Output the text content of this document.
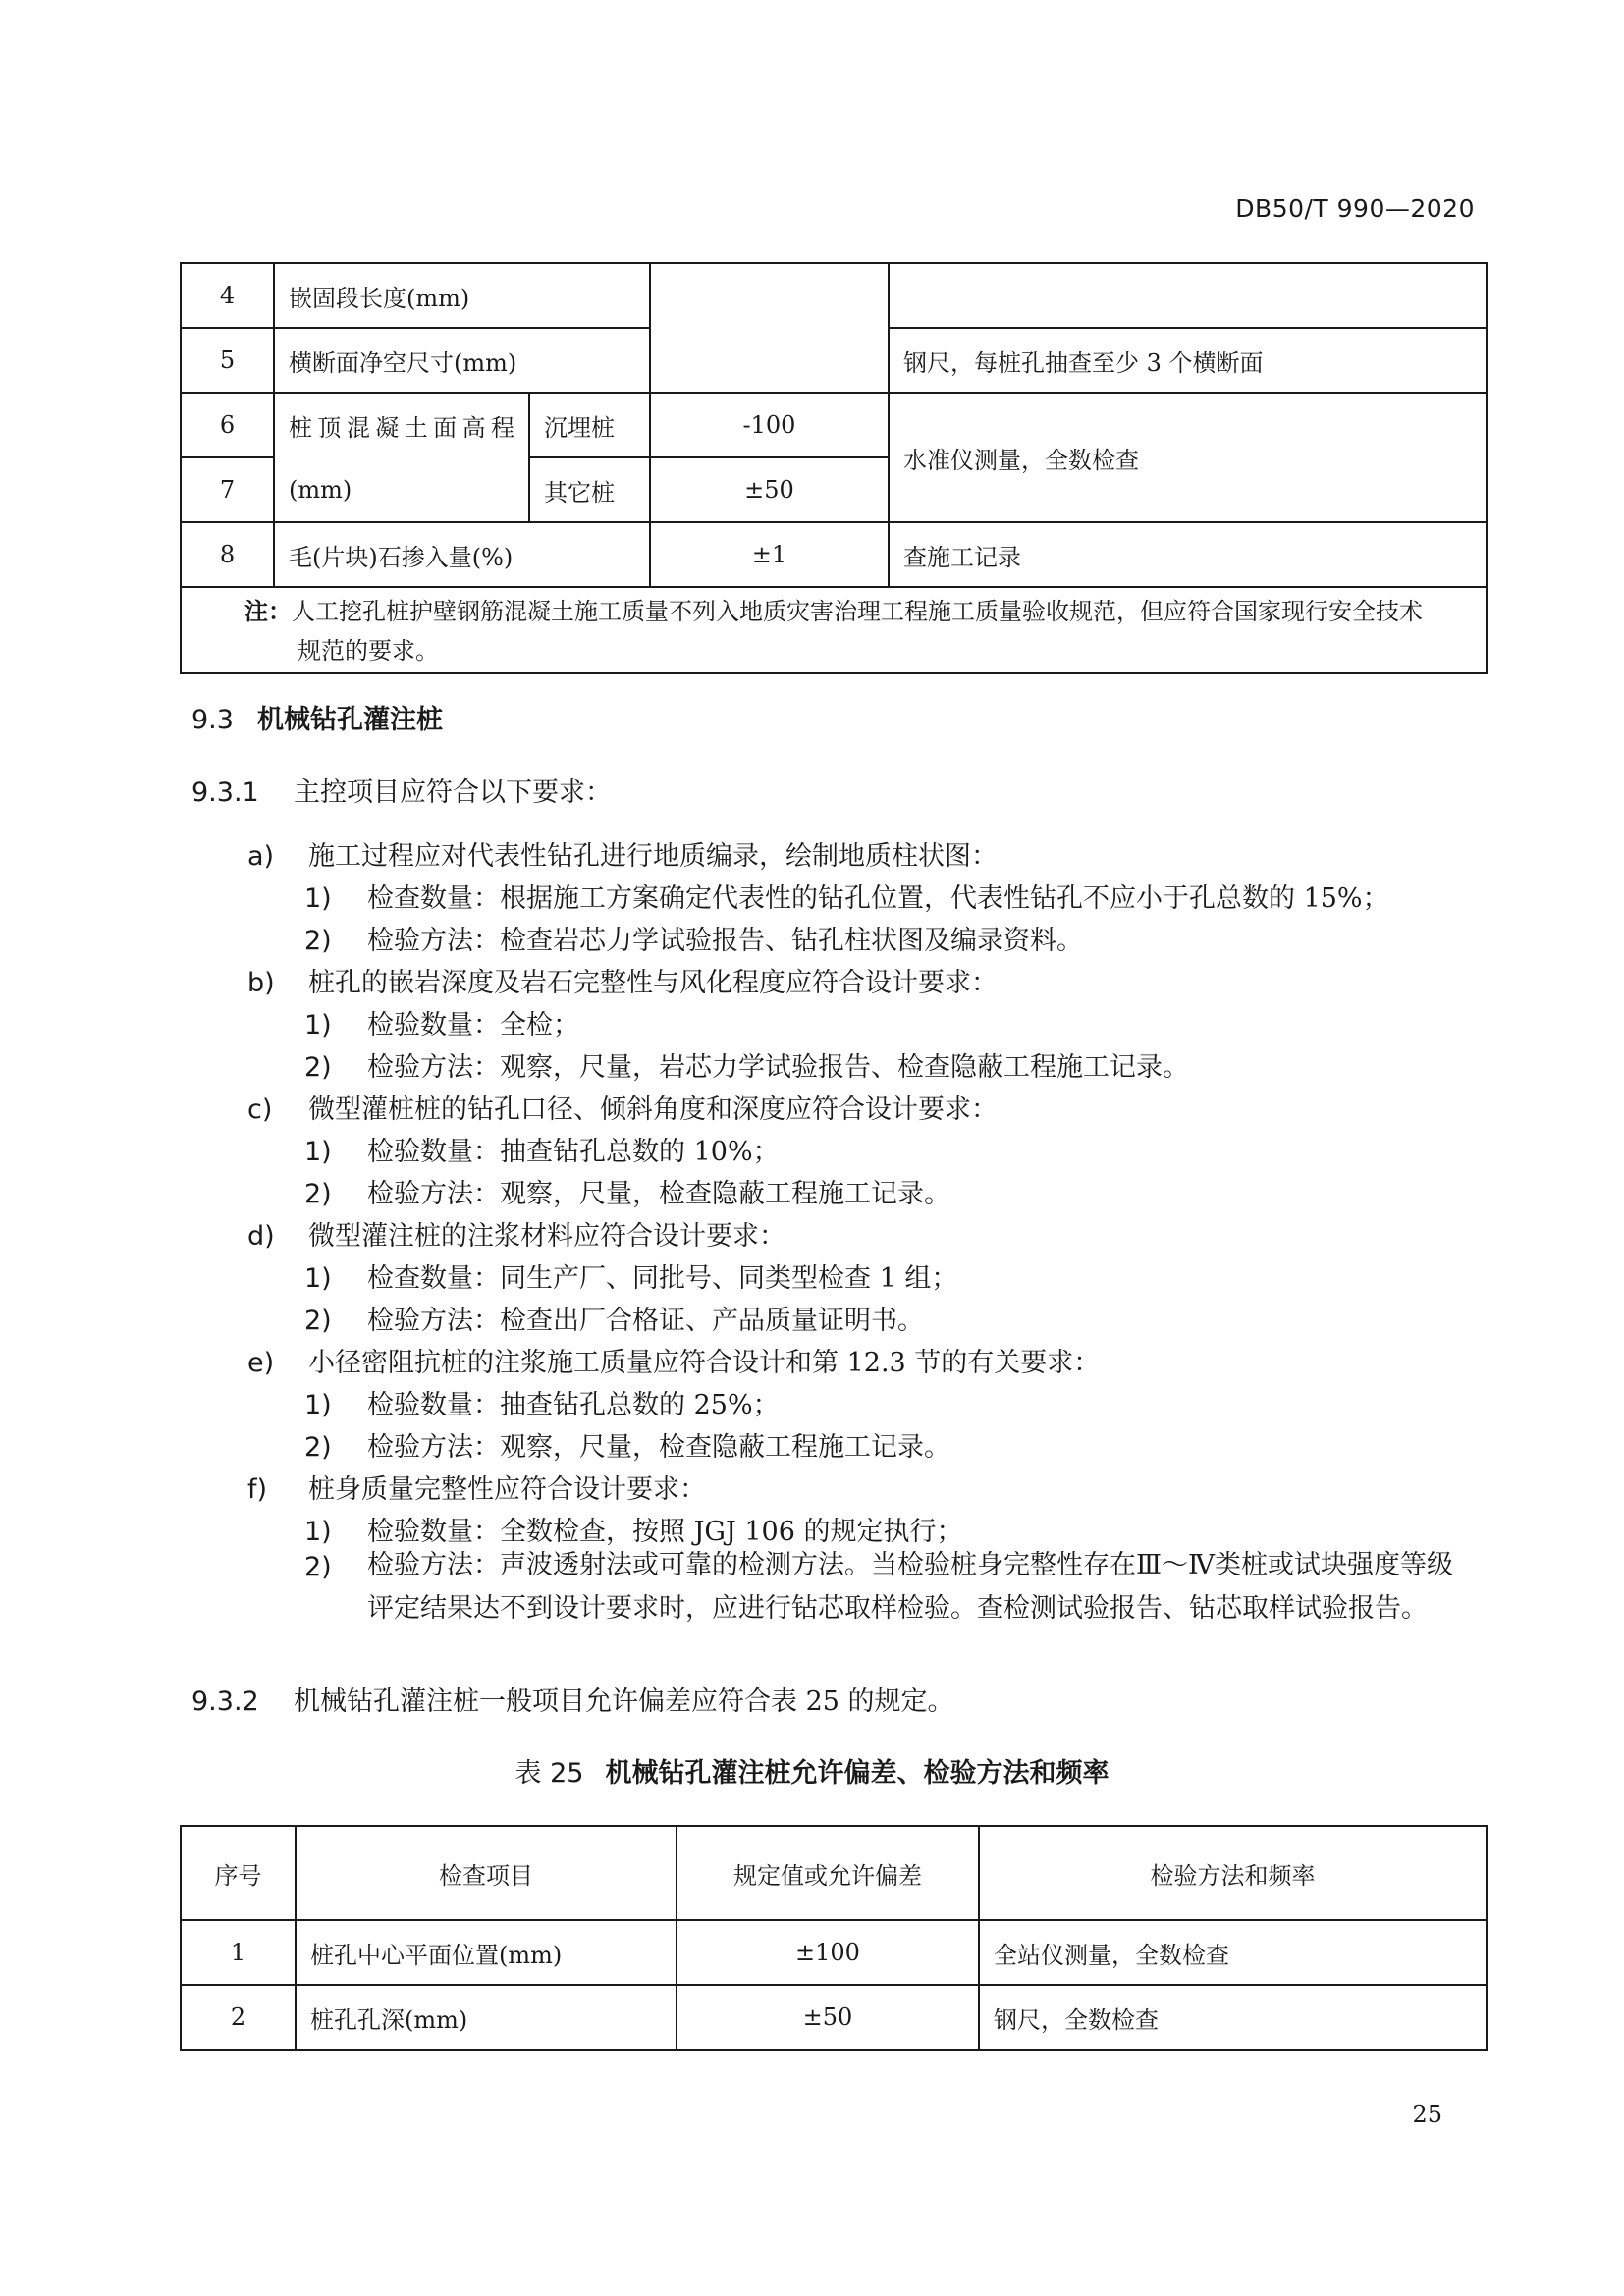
DB50/T 990—2020
4	嵌固段长度(mm)			
5	横断面净空尺寸(mm)			钢尺，每桩孔抽查至少 3 个横断面
6	桩顶混凝土面高程	沉埋桩	-100	水准仪测量，全数检查
7	(mm)	其它桩	±50	
8	毛(片块)石掺入量(%)		±1	查施工记录

注：人工挖孔桩护壁钢筋混凝土施工质量不列入地质灾害治理工程施工质量验收规范，但应符合国家现行安全技术
规范的要求。				
9.3 机械钻孔灌注桩
9.3.1 主控项目应符合以下要求：
a) 施工过程应对代表性钻孔进行地质编录，绘制地质柱状图：
1) 检查数量：根据施工方案确定代表性的钻孔位置，代表性钻孔不应小于孔总数的 15%；
2) 检验方法：检查岩芯力学试验报告、钻孔柱状图及编录资料。
b) 桩孔的嵌岩深度及岩石完整性与风化程度应符合设计要求：
1) 检验数量：全检；
2) 检验方法：观察，尺量，岩芯力学试验报告、检查隐蔽工程施工记录。
c) 微型灌桩桩的钻孔口径、倾斜角度和深度应符合设计要求：
1) 检验数量：抽查钻孔总数的 10%；
2) 检验方法：观察，尺量，检查隐蔽工程施工记录。
d) 微型灌注桩的注浆材料应符合设计要求：
1) 检查数量：同生产厂、同批号、同类型检查 1 组；
2) 检验方法：检查出厂合格证、产品质量证明书。
e) 小径密阻抗桩的注浆施工质量应符合设计和第 12.3 节的有关要求：
1) 检验数量：抽查钻孔总数的 25%；
2) 检验方法：观察，尺量，检查隐蔽工程施工记录。
f) 桩身质量完整性应符合设计要求：
1) 检验数量：全数检查，按照 JGJ 106 的规定执行；
2)	检验方法：声波透射法或可靠的检测方法。当检验桩身完整性存在Ⅲ～Ⅳ类桩或试块强度等级评定结果达不到设计要求时，应进行钻芯取样检验。查检测试验报告、钻芯取样试验报告。
9.3.2 机械钻孔灌注桩一般项目允许偏差应符合表 25 的规定。
表 25 机械钻孔灌注桩允许偏差、检验方法和频率
序号	检查项目	规定值或允许偏差	检验方法和频率
1	桩孔中心平面位置(mm)	±100	全站仪测量，全数检查
2	桩孔孔深(mm)	±50	钢尺，全数检查
25
